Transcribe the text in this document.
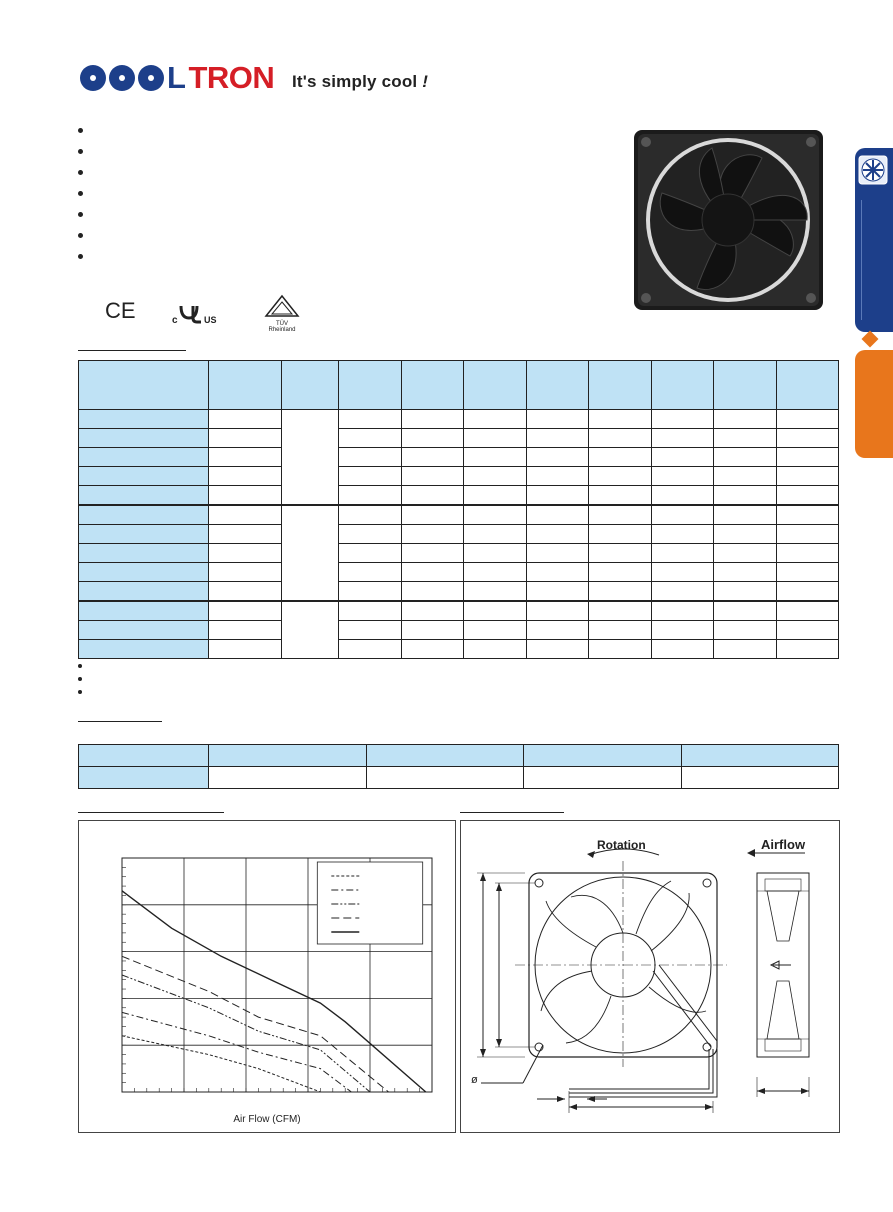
L TRON It's simply cool !
CE	c	US	TÜV Rheinland

Air Flow (CFM)
Rotation	Airflow
ø
